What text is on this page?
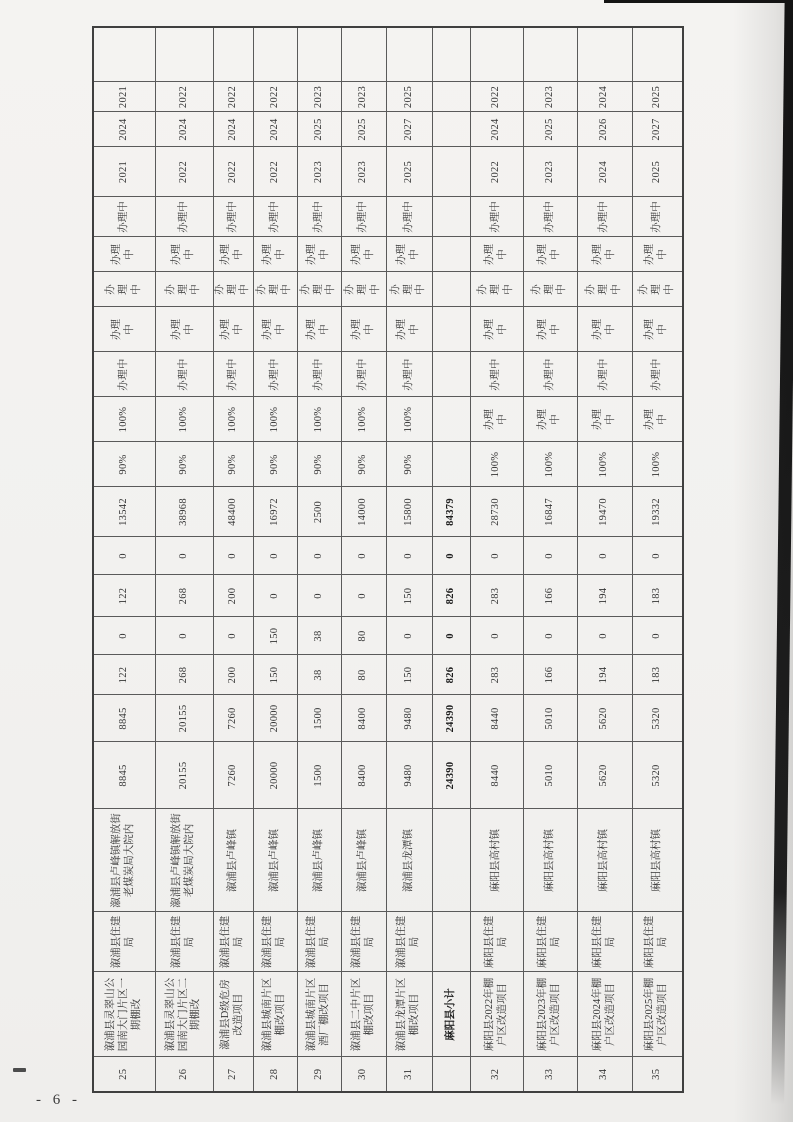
25	溆浦县灵翠山公园南大门片区一期棚改	溆浦县住建局	溆浦县卢峰镇解放街老煤炭局大院内	8845	8845	122	0	122	0	13542	90%	100%	办理中	办理中	办理中	办理中	办理中	2021	2024	2021	
26	溆浦县灵翠山公园南大门片区二期棚改	溆浦县住建局	溆浦县卢峰镇解放街老煤炭局大院内	20155	20155	268	0	268	0	38968	90%	100%	办理中	办理中	办理中	办理中	办理中	2022	2024	2022	
27	溆浦县D级危房改造项目	溆浦县住建局	溆浦县卢峰镇	7260	7260	200	0	200	0	48400	90%	100%	办理中	办理中	办理中	办理中	办理中	2022	2024	2022	
28	溆浦县城南片区棚改项目	溆浦县住建局	溆浦县卢峰镇	20000	20000	150	150	0	0	16972	90%	100%	办理中	办理中	办理中	办理中	办理中	2022	2024	2022	
29	溆浦县城南片区酒厂棚改项目	溆浦县住建局	溆浦县卢峰镇	1500	1500	38	38	0	0	2500	90%	100%	办理中	办理中	办理中	办理中	办理中	2023	2025	2023	
30	溆浦县二中片区棚改项目	溆浦县住建局	溆浦县卢峰镇	8400	8400	80	80	0	0	14000	90%	100%	办理中	办理中	办理中	办理中	办理中	2023	2025	2023	
31	溆浦县龙潭片区棚改项目	溆浦县住建局	溆浦县龙潭镇	9480	9480	150	0	150	0	15800	90%	100%	办理中	办理中	办理中	办理中	办理中	2025	2027	2025	
	麻阳县小计			24390	24390	826	0	826	0	84379											
32	麻阳县2022年棚户区改造项目	麻阳县住建局	麻阳县高村镇	8440	8440	283	0	283	0	28730	100%	办理中	办理中	办理中	办理中	办理中	办理中	2022	2024	2022	
33	麻阳县2023年棚户区改造项目	麻阳县住建局	麻阳县高村镇	5010	5010	166	0	166	0	16847	100%	办理中	办理中	办理中	办理中	办理中	办理中	2023	2025	2023	
34	麻阳县2024年棚户区改造项目	麻阳县住建局	麻阳县高村镇	5620	5620	194	0	194	0	19470	100%	办理中	办理中	办理中	办理中	办理中	办理中	2024	2026	2024	
35	麻阳县2025年棚户区改造项目	麻阳县住建局	麻阳县高村镇	5320	5320	183	0	183	0	19332	100%	办理中	办理中	办理中	办理中	办理中	办理中	2025	2027	2025	
- 6 -
